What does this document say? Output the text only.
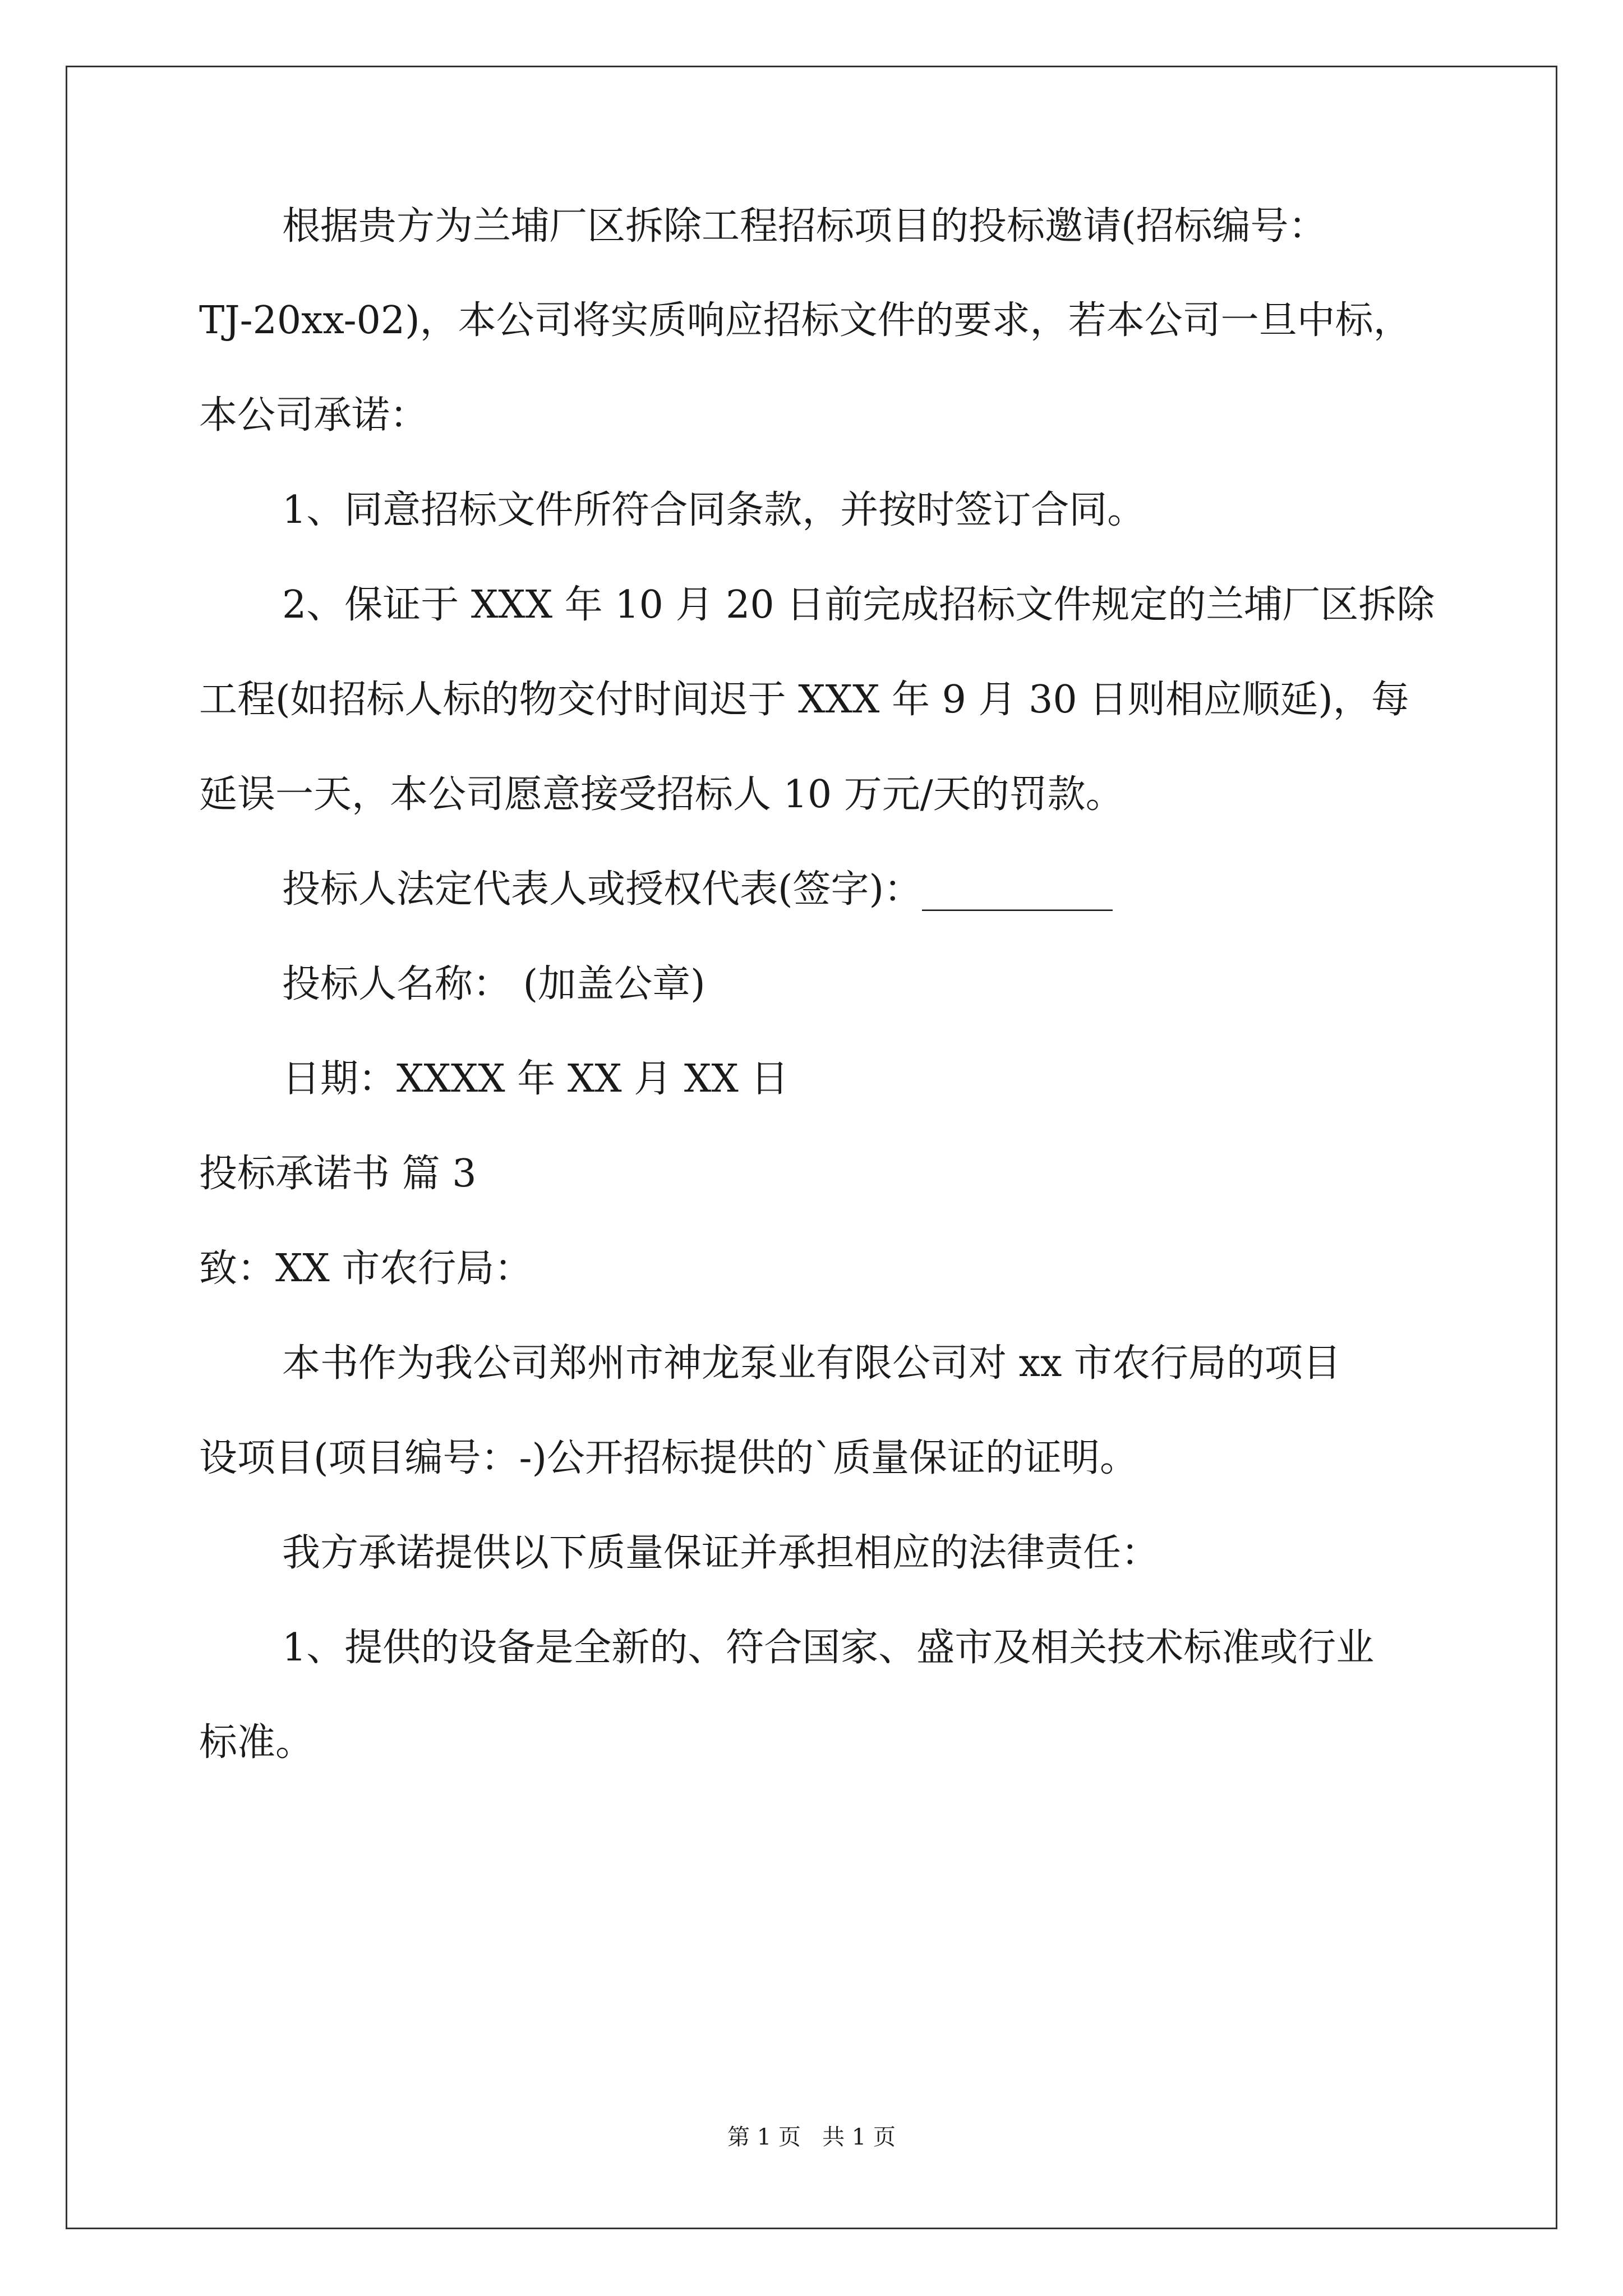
根据贵方为兰埔厂区拆除工程招标项目的投标邀请(招标编号：

TJ-20xx-02)，本公司将实质响应招标文件的要求，若本公司一旦中标，

本公司承诺：

1、同意招标文件所符合同条款，并按时签订合同。

2、保证于 XXX 年 10 月 20 日前完成招标文件规定的兰埔厂区拆除

工程(如招标人标的物交付时间迟于 XXX 年 9 月 30 日则相应顺延)，每

延误一天，本公司愿意接受招标人 10 万元/天的罚款。

投标人法定代表人或授权代表(签字)：__________

投标人名称： (加盖公章)

日期：XXXX 年 XX 月 XX 日

投标承诺书 篇 3

致：XX 市农行局：

本书作为我公司郑州市神龙泵业有限公司对 xx 市农行局的项目

设项目(项目编号：-)公开招标提供的`质量保证的证明。

我方承诺提供以下质量保证并承担相应的法律责任：

1、提供的设备是全新的、符合国家、盛市及相关技术标准或行业

标准。

第 1 页   共 1 页
